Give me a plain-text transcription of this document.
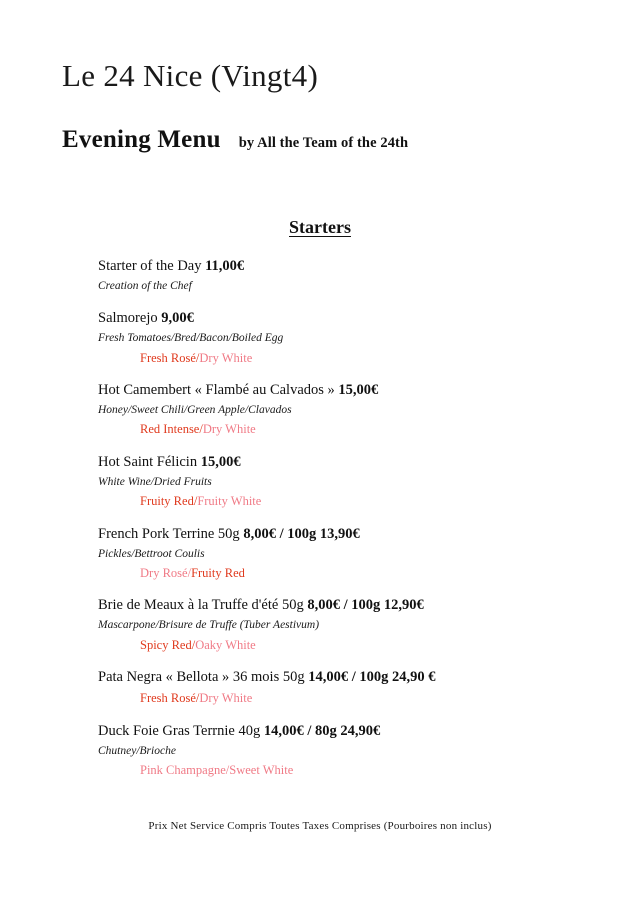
Le 24 Nice (Vingt4)
Evening Menu by All the Team of the 24th
Starters
Starter of the Day 11,00€
Creation of the Chef
Salmorejo 9,00€
Fresh Tomatoes/Bred/Bacon/Boiled Egg
Fresh Rosé/Dry White
Hot Camembert « Flambé au Calvados » 15,00€
Honey/Sweet Chili/Green Apple/Clavados
Red Intense/Dry White
Hot Saint Félicin 15,00€
White Wine/Dried Fruits
Fruity Red/Fruity White
French Pork Terrine 50g 8,00€ / 100g 13,90€
Pickles/Bettroot Coulis
Dry Rosé/Fruity Red
Brie de Meaux à la Truffe d'été 50g 8,00€ / 100g 12,90€
Mascarpone/Brisure de Truffe (Tuber Aestivum)
Spicy Red/Oaky White
Pata Negra « Bellota » 36 mois 50g 14,00€ / 100g 24,90 €
Fresh Rosé/Dry White
Duck Foie Gras Terrnie 40g 14,00€ / 80g 24,90€
Chutney/Brioche
Pink Champagne/Sweet White
Prix Net Service Compris Toutes Taxes Comprises (Pourboires non inclus)
